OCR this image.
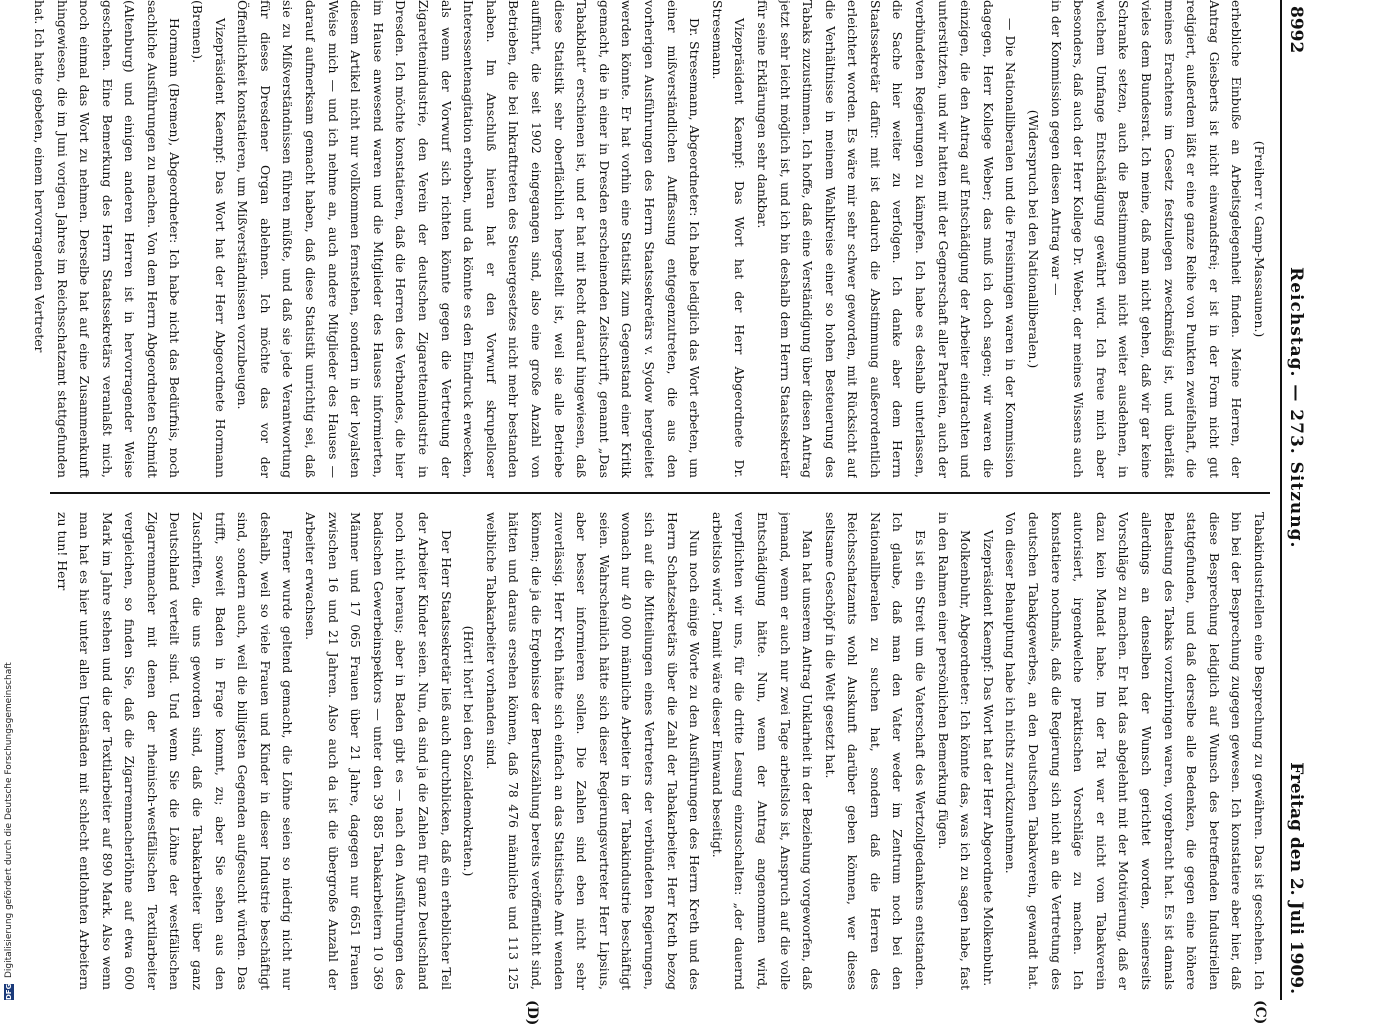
8992
Reichstag. — 273. Sitzung.
Freitag den 2. Juli 1909.
(C)
(D)

(Freiherr v. Gamp-Massaunen.)

erhebliche Einbuße an Arbeitsgelegenheit finden. Meine Herren, der Antrag Giesberts ist nicht einwandsfrei; er ist in der Form nicht gut redigiert, außerdem läßt er eine ganze Reihe von Punkten zweifelhaft, die meines Erachtens im Gesetz festzulegen zweckmäßig ist, und überläßt vieles dem Bundesrat. Ich meine, daß man nicht gehen, daß wir gar keine Schranke setzen, auch die Bestimmungen nicht weiter ausdehnen, in welchem Umfange Entschädigung gewährt wird. Ich freue mich aber besonders, daß auch der Herr Kollege Dr. Weber, der meines Wissens auch in der Kommission gegen diesen Antrag war —

(Widerspruch bei den Nationalliberalen.)

— Die Nationalliberalen und die Freisinnigen waren in der Kommission dagegen, Herr Kollege Weber; das muß ich doch sagen; wir waren die einzigen, die den Antrag auf Entschädigung der Arbeiter eindrachten und unterstützten, und wir hatten mit der Gegnerschaft aller Parteien, auch der verbündeten Regierungen zu kämpfen. Ich habe es deshalb unterlassen, die Sache hier weiter zu verfolgen. Ich danke aber dem Herrn Staatssekretär dafür: mit ist dadurch die Abstimmung außerordentlich erleichtert worden. Es wäre mir sehr schwer geworden, mit Rücksicht auf die Verhältnisse in meinem Wahlkreise einer so hohen Besteuerung des Tabaks zuzustimmen. Ich hoffe, daß eine Verständigung über diesen Antrag jetzt sehr leicht möglich ist, und ich bin deshalb dem Herrn Staatssekretär für seine Erklärungen sehr dankbar.

Vizepräsident Kaempf: Das Wort hat der Herr Abgeordnete Dr. Stresemann.

Dr. Stresemann, Abgeordneter: Ich habe lediglich das Wort erbeten, um einer mißverständlichen Auffassung entgegenzutreten, die aus den vorherigen Ausführungen des Herrn Staatssekretärs v. Sydow hergeleitet werden könnte. Er hat vorhin eine Statistik zum Gegenstand einer Kritik gemacht, die in einer in Dresden erscheinenden Zeitschrift, genannt „Das Tabakblatt“ erschienen ist, und er hat mit Recht darauf hingewiesen, daß diese Statistik sehr oberflächlich hergestellt ist, weil sie alle Betriebe aufführt, die seit 1902 eingegangen sind, also eine große Anzahl von Betrieben, die bei Inkrafttreten des Steuergesetzes nicht mehr bestanden haben. Im Anschluß hieran hat er den Vorwurf skrupelloser Interessentenagitation erhoben, und da könnte es den Eindruck erwecken, als wenn der Vorwurf sich richten könnte gegen die Vertretung der Zigarettenindustrie, den Verein der deutschen Zigarettenindustrie in Dresden. Ich möchte konstatieren, daß die Herren des Verbandes, die hier im Hause anwesend waren und die Mitglieder des Hauses informierten, diesem Artikel nicht nur vollkommen fernstehen, sondern in der loyalsten Weise mich — und ich nehme an, auch andere Mitglieder des Hauses — darauf aufmerksam gemacht haben, daß diese Statistik unrichtig sei, daß sie zu Mißverständnissen führen müßte, und daß sie jede Verantwortung für dieses Dresdener Organ ablehnen. Ich möchte das vor der Öffentlichkeit konstatieren, um Mißverständnissen vorzubeugen.

Vizepräsident Kaempf: Das Wort hat der Herr Abgeordnete Hormann (Bremen).

Hormann (Bremen), Abgeordneter: Ich habe nicht das Bedürfnis, noch sachliche Ausführungen zu machen. Von dem Herrn Abgeordneten Schmidt (Altenburg) und einigen anderen Herren ist in hervorragender Weise geschehen. Eine Bemerkung des Herrn Staatssekretärs veranlaßt mich, noch einmal das Wort zu nehmen. Derselbe hat auf eine Zusammenkunft hingewiesen, die im Juni vorigen Jahres im Reichsschatzamt stattgefunden hat. Ich hatte gebeten, einem hervorragenden Vertreter

Tabakindustriellen eine Besprechung zu gewähren. Das ist geschehen. Ich bin bei der Besprechung zugegen gewesen. Ich konstatiere aber hier, daß diese Besprechung lediglich auf Wunsch des betreffenden Industriellen stattgefunden, und daß derselbe alle Bedenken, die gegen eine höhere Belastung des Tabaks vorzubringen waren, vorgebracht hat. Es ist damals allerdings an denselben der Wunsch gerichtet worden, seinerseits Vorschläge zu machen. Er hat das abgelehnt mit der Motivierung, daß er dazu kein Mandat habe. Im der Tat war er nicht vom Tabakverein autorisiert, irgendwelche praktischen Vorschläge zu machen. Ich konstatiere nochmals, daß die Regierung sich nicht an die Vertretung des deutschen Tabakgewerbes, an den Deutschen Tabakverein, gewandt hat. Von dieser Behauptung habe ich nichts zurückzunehmen.

Vizepräsident Kaempf: Das Wort hat der Herr Abgeordnete Molkenbuhr.

Molkenbuhr, Abgeordneter: Ich könnte das, was ich zu sagen habe, fast in den Rahmen einer persönlichen Bemerkung fügen.

Es ist ein Streit um die Vaterschaft des Wertzollgedankens entstanden. Ich glaube, daß man den Vater weder im Zentrum noch bei den Nationalliberalen zu suchen hat, sondern daß die Herren des Reichsschatzamts wohl Auskunft darüber geben können, wer dieses seltsame Geschöpf in die Welt gesetzt hat.

Man hat unserem Antrag Unklarheit in der Beziehung vorgeworfen, daß jemand, wenn er auch nur zwei Tage arbeitslos ist, Anspruch auf die volle Entschädigung hätte. Nun, wenn der Antrag angenommen wird, verpflichten wir uns, für die dritte Lesung einzuschalten: „der dauernd arbeitslos wird“. Damit wäre dieser Einwand beseitigt.

Nun noch einige Worte zu den Ausführungen des Herrn Kreth und des Herrn Schatzsekretärs über die Zahl der Tabakarbeiter. Herr Kreth bezog sich auf die Mitteilungen eines Vertreters der verbündeten Regierungen, wonach nur 40 000 männliche Arbeiter in der Tabakindustrie beschäftigt seien. Wahrscheinlich hätte sich dieser Regierungsvertreter Herr Lipsius, aber besser informieren sollen. Die Zahlen sind eben nicht sehr zuverlässig. Herr Kreth hätte sich einfach an das Statistische Amt wenden können; die ja die Ergebnisse der Berufszählung bereits veröffentlicht sind, hätten und daraus ersehen können, daß 78 476 männliche und 113 125 weibliche Tabakarbeiter vorhanden sind.

(Hört! hört! bei den Sozialdemokraten.)

Der Herr Staatssekretär ließ auch durchblicken, daß ein erheblicher Teil der Arbeiter Kinder seien. Nun, da sind ja die Zahlen für ganz Deutschland noch nicht heraus; aber in Baden gibt es — nach den Ausführungen des badischen Gewerbeinspektors — unter den 39 885 Tabakarbeitern 10 369 Männer und 17 065 Frauen über 21 Jahre, dagegen nur 6651 Frauen zwischen 16 und 21 Jahren. Also auch da ist die übergroße Anzahl der Arbeiter erwachsen.

Ferner wurde geltend gemacht, die Löhne seien so niedrig nicht nur deshalb, weil so viele Frauen und Kinder in dieser Industrie beschäftigt sind, sondern auch, weil die billigsten Gegenden aufgesucht würden. Das trifft, soweit Baden in Frage kommt, zu; aber Sie sehen aus den Zuschriften, die uns geworden sind, daß die Tabakarbeiter über ganz Deutschland verteilt sind. Und wenn Sie die Löhne der westfälischen Zigarrenmacher mit denen der rheinisch-westfälischen Textilarbeiter vergleichen, so finden Sie, daß die Zigarrenmacherlöhne auf etwa 600 Mark im Jahre stehen und die der Textilarbeiter auf 890 Mark. Also wenn man hat es hier unter allen Umständen mit schlecht entlohnten Arbeitern zu tun! Herr

DFG
Digitalisierung gefördert durch die Deutsche Forschungsgemeinschaft
